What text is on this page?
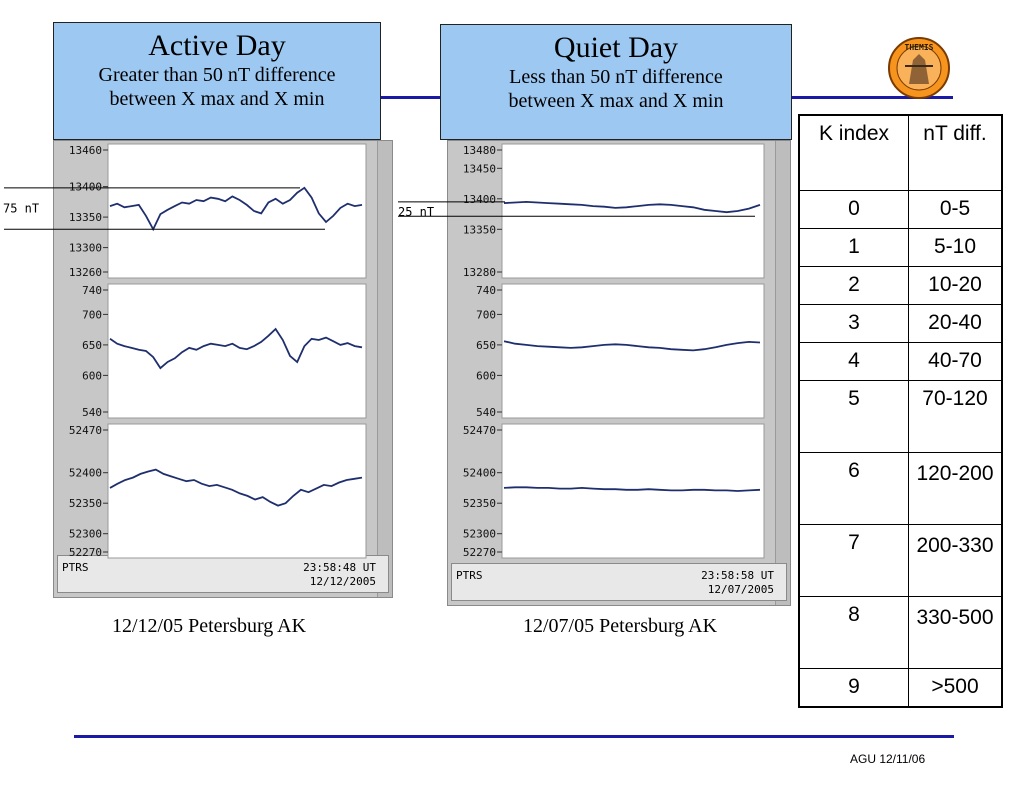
Active Day
Greater than 50 nT difference
between X max and X min
Quiet Day
Less than 50 nT difference
between X max and X min
PTRS	23:58:48 UT
12/12/2005	PTRS	23:58:58 UT
12/07/2005
13460
13400
13350
13300
13260
740
700
650
600
540
52470
52400
52350
52300
52270
13480
13450
13400
13350
13280
740
700
650
600
540
52470
52400
52350
52300
52270
75 nT	25 nT
12/12/05 Petersburg AK	12/07/05 Petersburg AK
THEMIS
K index	nT diff.
0	0-5
1	5-10
2	10-20
3	20-40
4	40-70
5	70-120
6	120-200
7	200-330
8	330-500
9	>500
AGU 12/11/06
